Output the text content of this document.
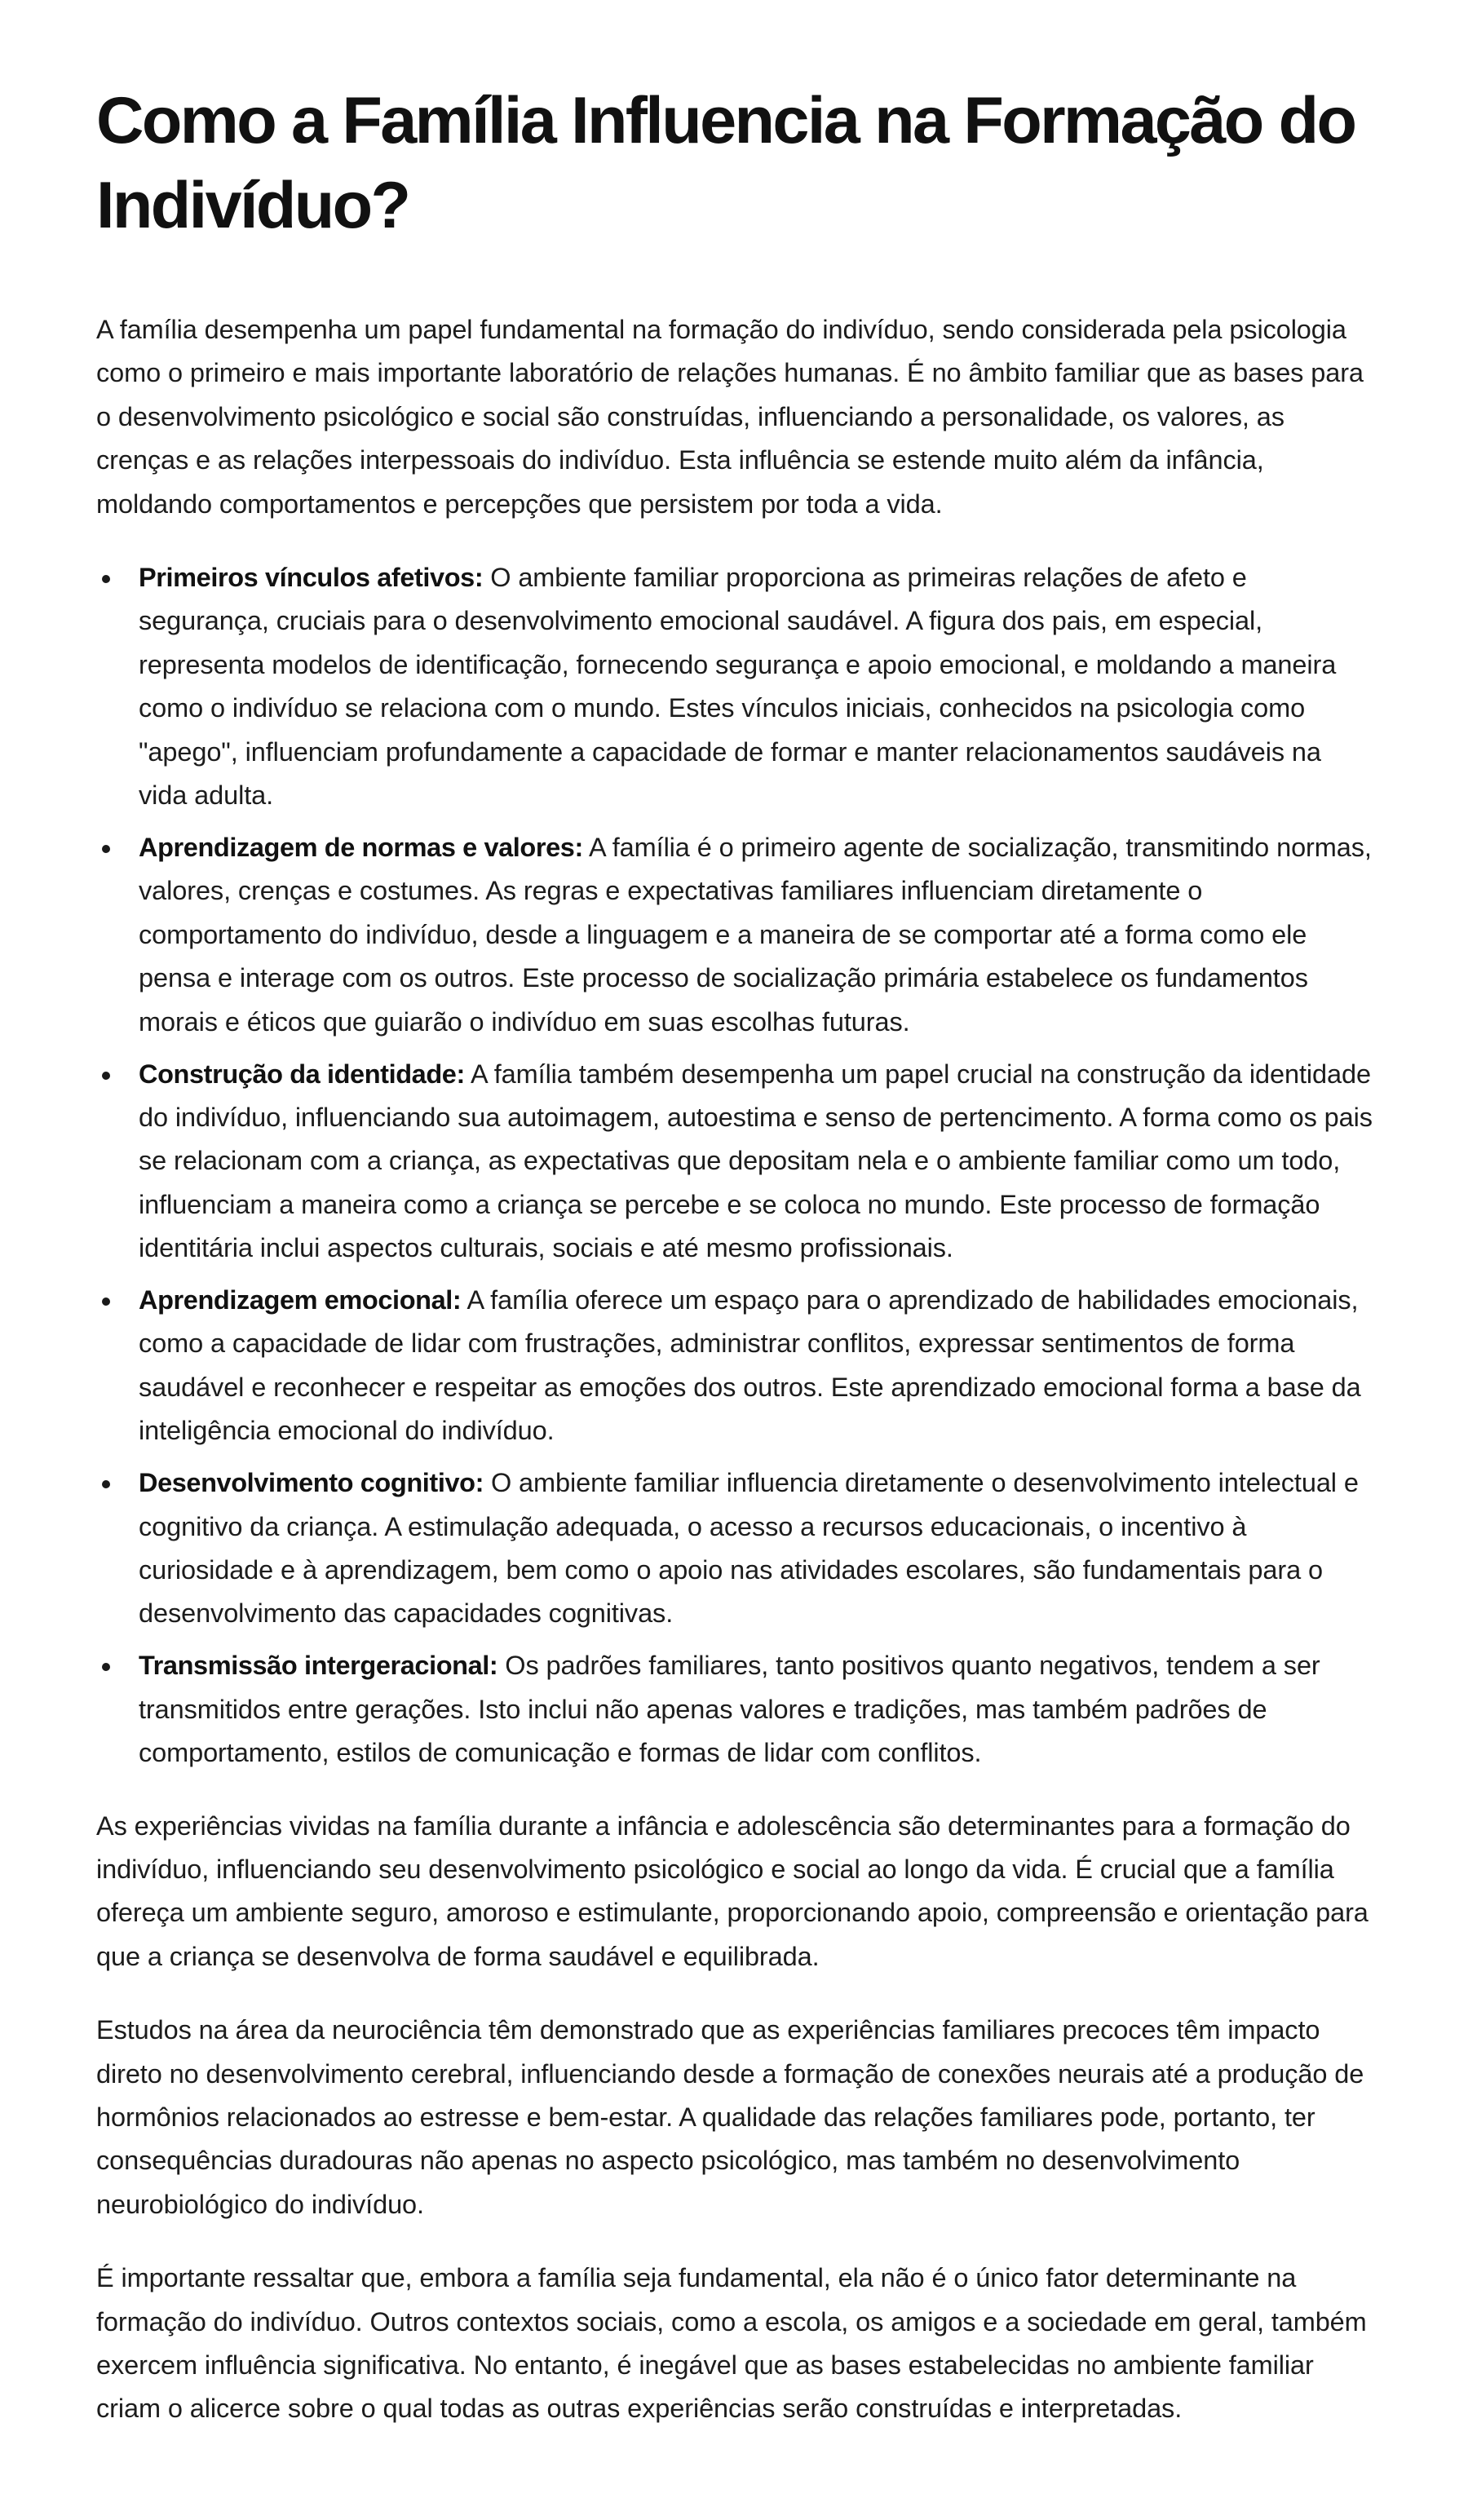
Como a Família Influencia na Formação do Indivíduo?

A família desempenha um papel fundamental na formação do indivíduo, sendo considerada pela psicologia como o primeiro e mais importante laboratório de relações humanas. É no âmbito familiar que as bases para o desenvolvimento psicológico e social são construídas, influenciando a personalidade, os valores, as crenças e as relações interpessoais do indivíduo. Esta influência se estende muito além da infância, moldando comportamentos e percepções que persistem por toda a vida.

Primeiros vínculos afetivos: O ambiente familiar proporciona as primeiras relações de afeto e segurança, cruciais para o desenvolvimento emocional saudável. A figura dos pais, em especial, representa modelos de identificação, fornecendo segurança e apoio emocional, e moldando a maneira como o indivíduo se relaciona com o mundo. Estes vínculos iniciais, conhecidos na psicologia como "apego", influenciam profundamente a capacidade de formar e manter relacionamentos saudáveis na vida adulta.
Aprendizagem de normas e valores: A família é o primeiro agente de socialização, transmitindo normas, valores, crenças e costumes. As regras e expectativas familiares influenciam diretamente o comportamento do indivíduo, desde a linguagem e a maneira de se comportar até a forma como ele pensa e interage com os outros. Este processo de socialização primária estabelece os fundamentos morais e éticos que guiarão o indivíduo em suas escolhas futuras.
Construção da identidade: A família também desempenha um papel crucial na construção da identidade do indivíduo, influenciando sua autoimagem, autoestima e senso de pertencimento. A forma como os pais se relacionam com a criança, as expectativas que depositam nela e o ambiente familiar como um todo, influenciam a maneira como a criança se percebe e se coloca no mundo. Este processo de formação identitária inclui aspectos culturais, sociais e até mesmo profissionais.
Aprendizagem emocional: A família oferece um espaço para o aprendizado de habilidades emocionais, como a capacidade de lidar com frustrações, administrar conflitos, expressar sentimentos de forma saudável e reconhecer e respeitar as emoções dos outros. Este aprendizado emocional forma a base da inteligência emocional do indivíduo.
Desenvolvimento cognitivo: O ambiente familiar influencia diretamente o desenvolvimento intelectual e cognitivo da criança. A estimulação adequada, o acesso a recursos educacionais, o incentivo à curiosidade e à aprendizagem, bem como o apoio nas atividades escolares, são fundamentais para o desenvolvimento das capacidades cognitivas.
Transmissão intergeracional: Os padrões familiares, tanto positivos quanto negativos, tendem a ser transmitidos entre gerações. Isto inclui não apenas valores e tradições, mas também padrões de comportamento, estilos de comunicação e formas de lidar com conflitos.

As experiências vividas na família durante a infância e adolescência são determinantes para a formação do indivíduo, influenciando seu desenvolvimento psicológico e social ao longo da vida. É crucial que a família ofereça um ambiente seguro, amoroso e estimulante, proporcionando apoio, compreensão e orientação para que a criança se desenvolva de forma saudável e equilibrada.

Estudos na área da neurociência têm demonstrado que as experiências familiares precoces têm impacto direto no desenvolvimento cerebral, influenciando desde a formação de conexões neurais até a produção de hormônios relacionados ao estresse e bem-estar. A qualidade das relações familiares pode, portanto, ter consequências duradouras não apenas no aspecto psicológico, mas também no desenvolvimento neurobiológico do indivíduo.

É importante ressaltar que, embora a família seja fundamental, ela não é o único fator determinante na formação do indivíduo. Outros contextos sociais, como a escola, os amigos e a sociedade em geral, também exercem influência significativa. No entanto, é inegável que as bases estabelecidas no ambiente familiar criam o alicerce sobre o qual todas as outras experiências serão construídas e interpretadas.
